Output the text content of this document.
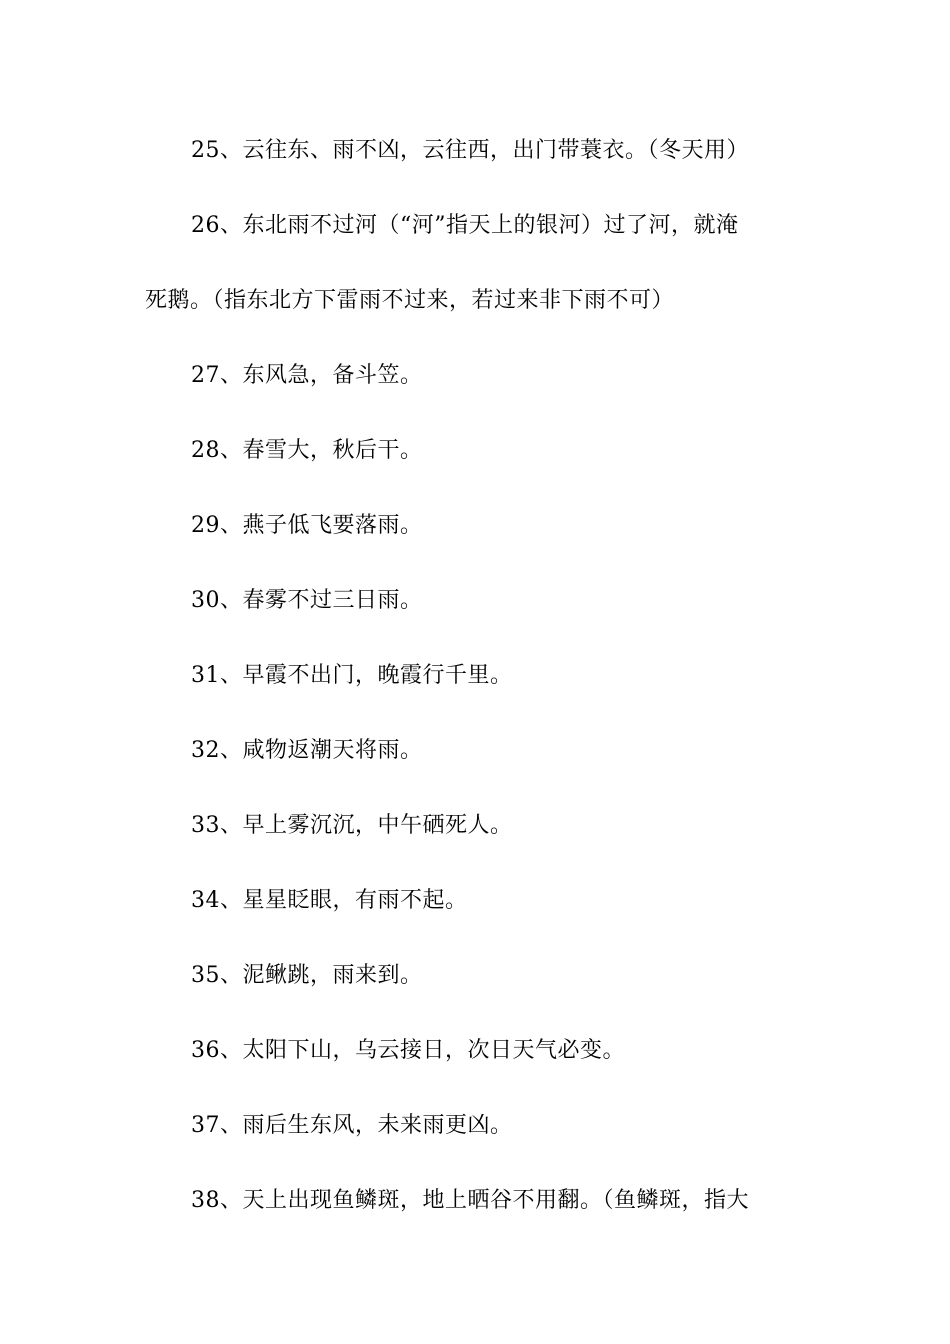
25、云往东、雨不凶，云往西，出门带蓑衣。（冬天用）
26、东北雨不过河（“河”指天上的银河）过了河，就淹
死鹅。（指东北方下雷雨不过来，若过来非下雨不可）
27、东风急，备斗笠。
28、春雪大，秋后干。
29、燕子低飞要落雨。
30、春雾不过三日雨。
31、早霞不出门，晚霞行千里。
32、咸物返潮天将雨。
33、早上雾沉沉，中午硒死人。
34、星星眨眼，有雨不起。
35、泥鳅跳，雨来到。
36、太阳下山，乌云接日，次日天气必变。
37、雨后生东风，未来雨更凶。
38、天上出现鱼鳞斑，地上晒谷不用翻。（鱼鳞斑，指大
